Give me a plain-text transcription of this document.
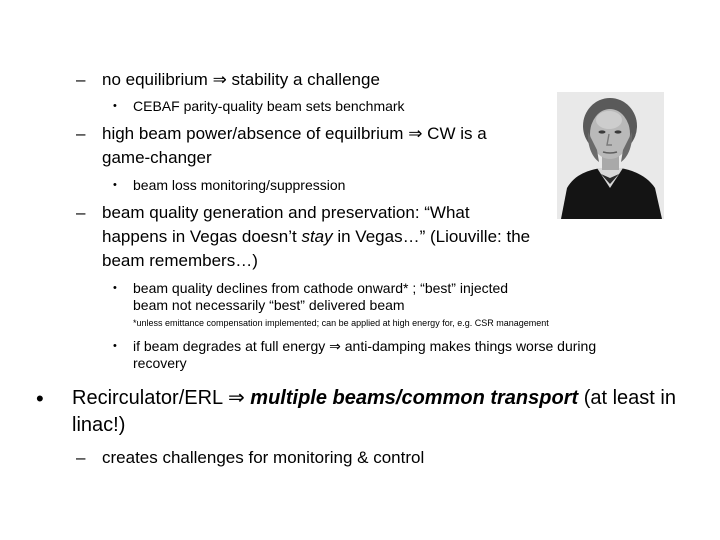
– no equilibrium ⇒ stability a challenge
•	CEBAF parity-quality beam sets benchmark
– high beam power/absence of equilbrium ⇒ CW is a game-changer
•	beam loss monitoring/suppression
– beam quality generation and preservation: “What happens in Vegas doesn’t stay in Vegas…” (Liouville: the beam remembers…)
•	beam quality declines from cathode onward* ; “best” injected beam not necessarily “best” delivered beam
*unless emittance compensation implemented; can be applied at high energy for, e.g. CSR management
•	if beam degrades at full energy ⇒ anti-damping makes things worse during recovery
•	Recirculator/ERL ⇒ multiple beams/common transport (at least in linac!)
– creates challenges for monitoring & control
